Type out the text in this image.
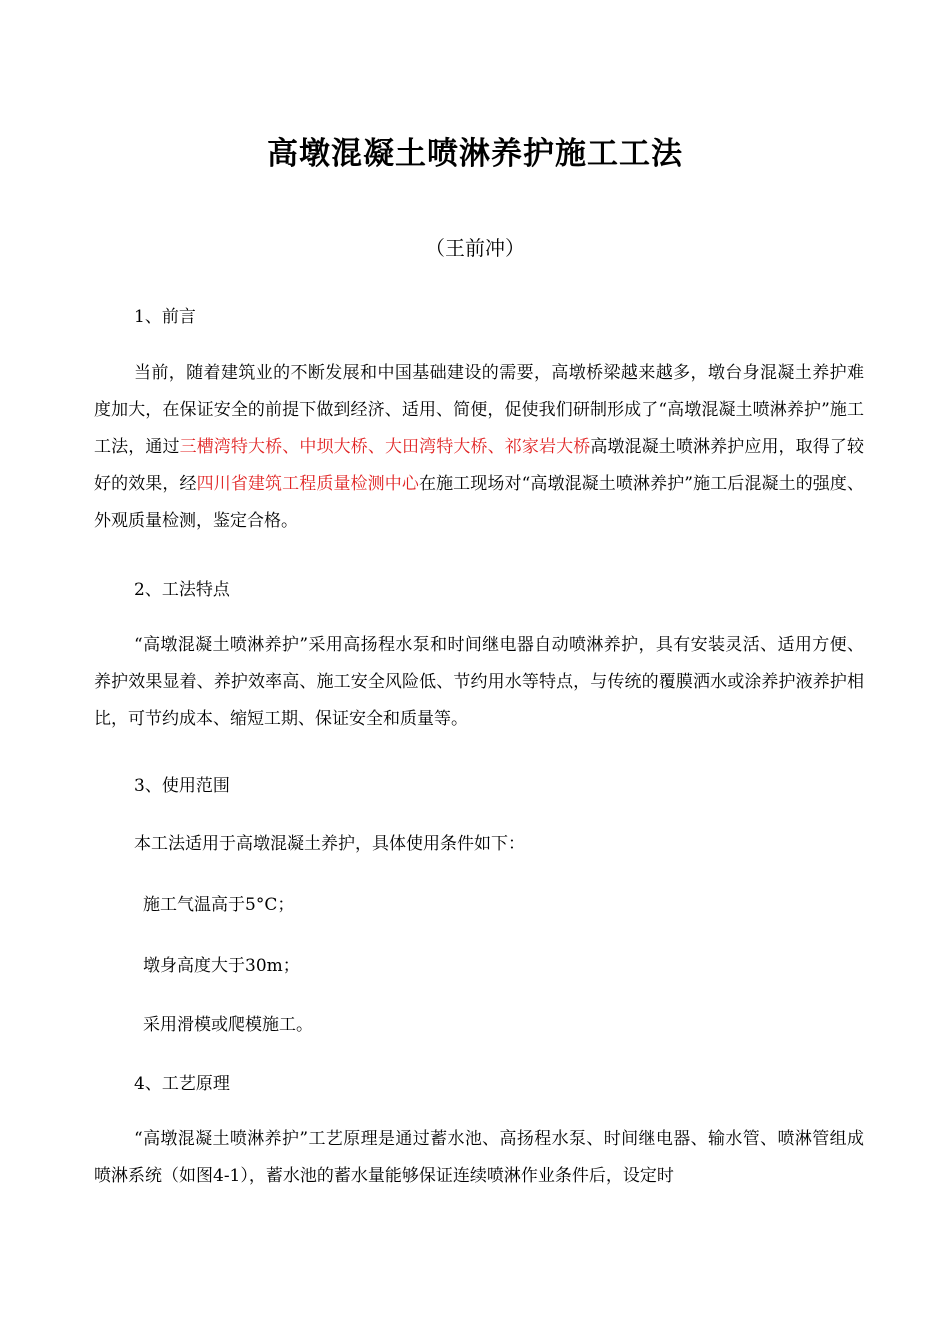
高墩混凝土喷淋养护施工工法
（王前冲）
1、前言
当前，随着建筑业的不断发展和中国基础建设的需要，高墩桥梁越来越多，墩台身混凝土养护难度加大，在保证安全的前提下做到经济、适用、简便，促使我们研制形成了“高墩混凝土喷淋养护”施工工法，通过三槽湾特大桥、中坝大桥、大田湾特大桥、祁家岩大桥高墩混凝土喷淋养护应用，取得了较好的效果，经四川省建筑工程质量检测中心在施工现场对“高墩混凝土喷淋养护”施工后混凝土的强度、外观质量检测，鉴定合格。
2、工法特点
“高墩混凝土喷淋养护”采用高扬程水泵和时间继电器自动喷淋养护，具有安装灵活、适用方便、养护效果显着、养护效率高、施工安全风险低、节约用水等特点，与传统的覆膜洒水或涂养护液养护相比，可节约成本、缩短工期、保证安全和质量等。
3、使用范围
本工法适用于高墩混凝土养护，具体使用条件如下：
施工气温高于5°C；
墩身高度大于30m；
采用滑模或爬模施工。
4、工艺原理
“高墩混凝土喷淋养护”工艺原理是通过蓄水池、高扬程水泵、时间继电器、输水管、喷淋管组成喷淋系统（如图4-1），蓄水池的蓄水量能够保证连续喷淋作业条件后，设定时
